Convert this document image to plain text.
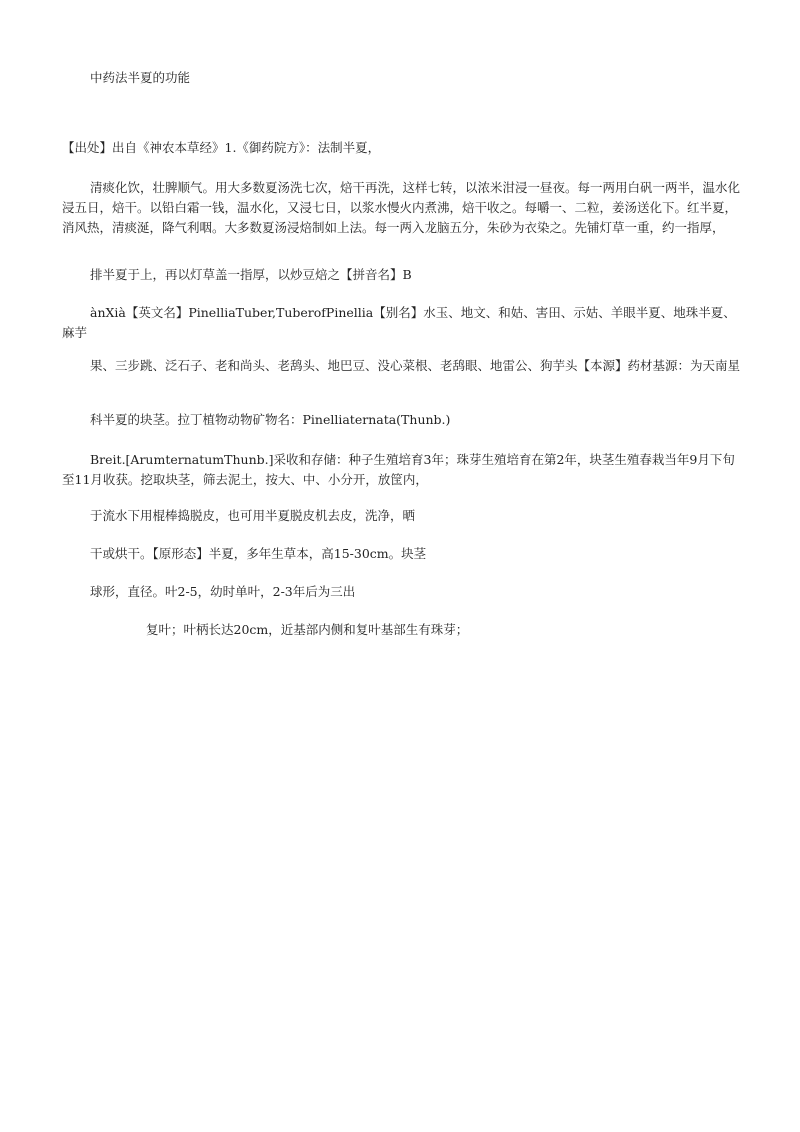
中药法半夏的功能

【出处】出自《神农本草经》1.《御药院方》：法制半夏，

清痰化饮，壮脾顺气。用大多数夏汤洗七次，焙干再洗，这样七转，以浓米泔浸一昼夜。每一两用白矾一两半，温水化浸五日，焙干。以铅白霜一钱，温水化，又浸七日，以浆水慢火内煮沸，焙干收之。每嚼一、二粒，姜汤送化下。红半夏，消风热，清痰涎，降气利咽。大多数夏汤浸焙制如上法。每一两入龙脑五分，朱砂为衣染之。先铺灯草一重，约一指厚，

排半夏于上，再以灯草盖一指厚，以炒豆焙之【拼音名】B

ànXià【英文名】PinelliaTuber,TuberofPinellia【别名】水玉、地文、和姑、害田、示姑、羊眼半夏、地珠半夏、麻芋

果、三步跳、泛石子、老和尚头、老鸹头、地巴豆、没心菜根、老鸹眼、地雷公、狗芋头【本源】药材基源：为天南星

科半夏的块茎。拉丁植物动物矿物名：Pinelliaternata(Thunb.)

Breit.[ArumternatumThunb.]采收和存储：种子生殖培育3年；珠芽生殖培育在第2年，块茎生殖春栽当年9月下旬至11月收获。挖取块茎，筛去泥土，按大、中、小分开，放筐内，

于流水下用棍棒捣脱皮，也可用半夏脱皮机去皮，洗净，晒

干或烘干。【原形态】半夏，多年生草本，高15-30cm。块茎

球形，直径。叶2-5，幼时单叶，2-3年后为三出

复叶；叶柄长达20cm，近基部内侧和复叶基部生有珠芽；
